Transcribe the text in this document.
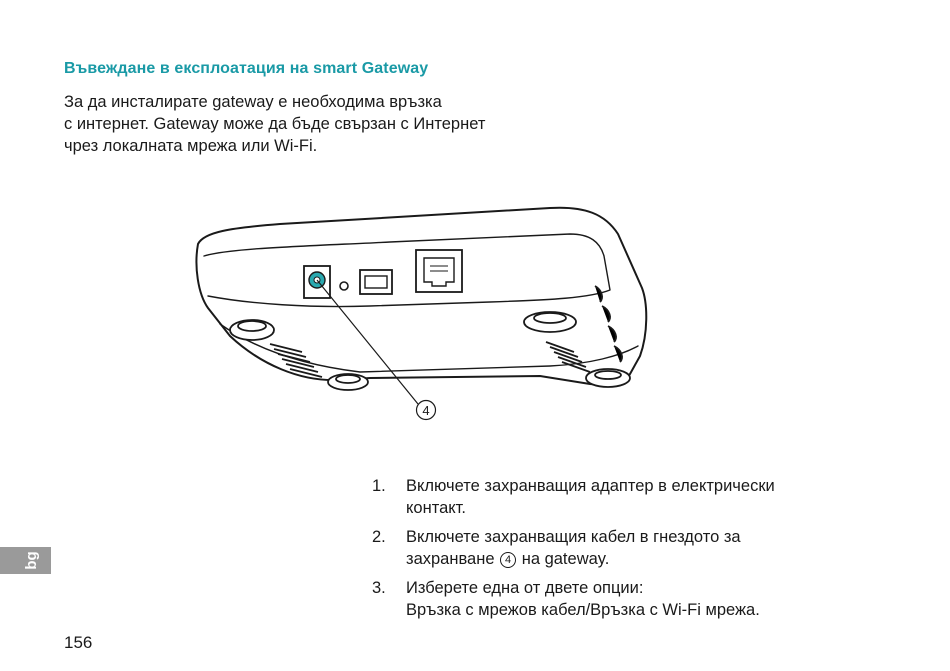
Въвеждане в експлоатация на smart Gateway
За да инсталирате gateway е необходима връзка
с интернет. Gateway може да бъде свързан с Интернет
чрез локалната мрежа или Wi-Fi.
4
1.	Включете захранващия адаптер в електрически
контакт.
2.	Включете захранващия кабел в гнездото за
захранване 4 на gateway.
3.	Изберете една от двете опции:
Връзка с мрежов кабел/Връзка с Wi-Fi мрежа.
bg
156
